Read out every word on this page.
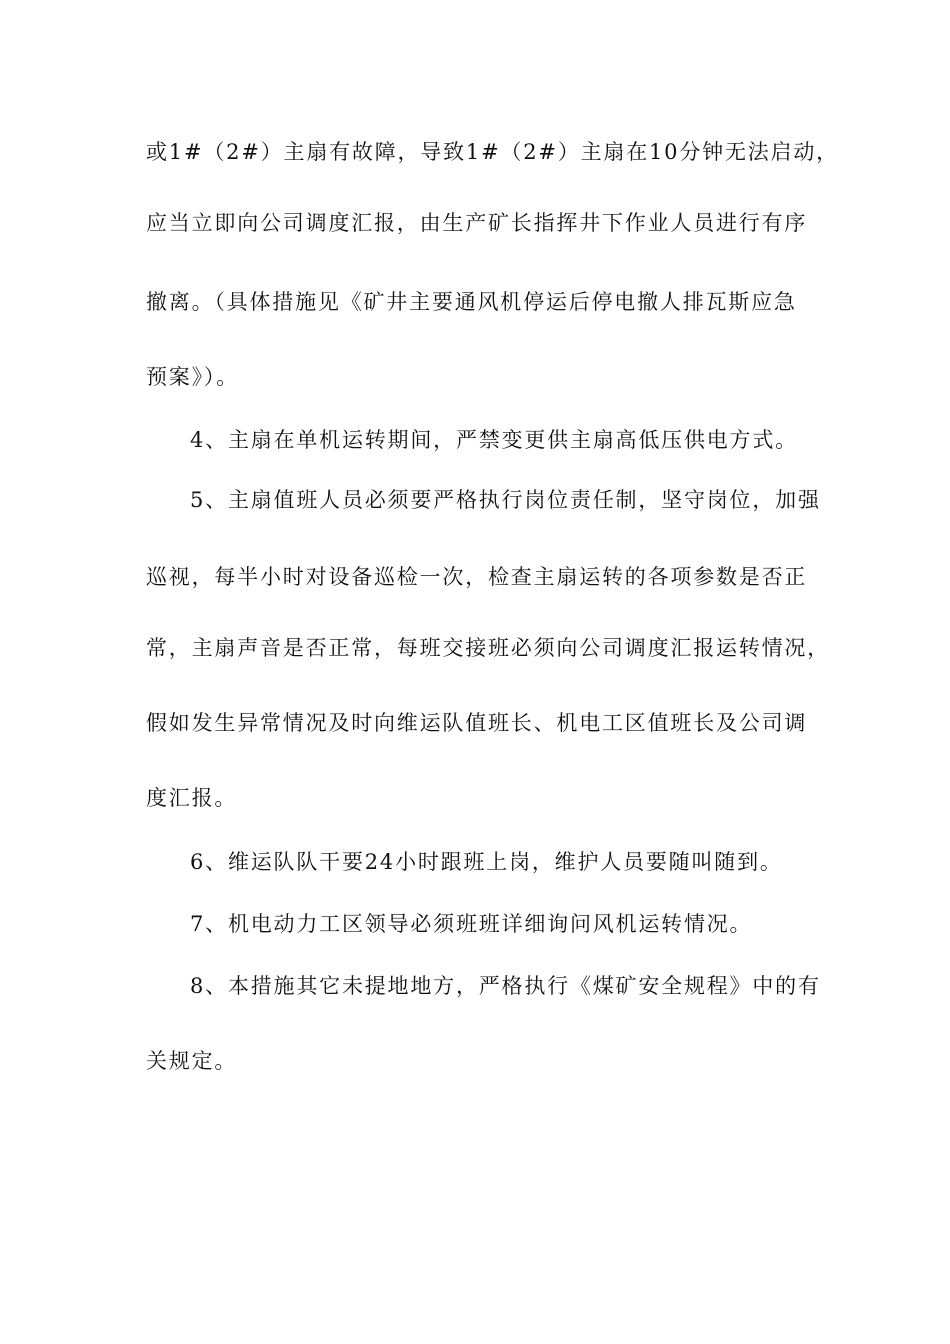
或1#（2#）主扇有故障，导致1#（2#）主扇在10分钟无法启动，
应当立即向公司调度汇报，由生产矿长指挥井下作业人员进行有序
撤离。（具体措施见《矿井主要通风机停运后停电撤人排瓦斯应急
预案》）。
4、主扇在单机运转期间，严禁变更供主扇高低压供电方式。
5、主扇值班人员必须要严格执行岗位责任制，坚守岗位，加强
巡视，每半小时对设备巡检一次，检查主扇运转的各项参数是否正
常，主扇声音是否正常，每班交接班必须向公司调度汇报运转情况，
假如发生异常情况及时向维运队值班长、机电工区值班长及公司调
度汇报。
6、维运队队干要24小时跟班上岗，维护人员要随叫随到。
7、机电动力工区领导必须班班详细询问风机运转情况。
8、本措施其它未提地地方，严格执行《煤矿安全规程》中的有
关规定。
